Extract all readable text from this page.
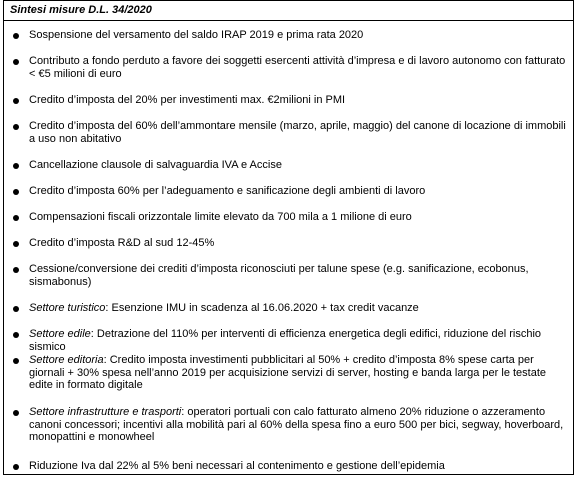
Sintesi misure D.L. 34/2020
Sospensione del versamento del saldo IRAP 2019 e prima rata 2020
Contributo a fondo perduto a favore dei soggetti esercenti attività d’impresa e di lavoro autonomo con fatturato < €5 milioni di euro
Credito d’imposta del 20% per investimenti max. €2milioni in PMI
Credito d’imposta del 60% dell’ammontare mensile (marzo, aprile, maggio) del canone di locazione di immobili a uso non abitativo
Cancellazione clausole di salvaguardia IVA e Accise
Credito d’imposta 60% per l’adeguamento e sanificazione degli ambienti di lavoro
Compensazioni fiscali orizzontale limite elevato da 700 mila a 1 milione di euro
Credito d’imposta R&D al sud 12-45%
Cessione/conversione dei crediti d’imposta riconosciuti per talune spese (e.g. sanificazione, ecobonus, sismabonus)
Settore turistico: Esenzione IMU in scadenza al 16.06.2020 + tax credit vacanze
Settore edile: Detrazione del 110% per interventi di efficienza energetica degli edifici, riduzione del rischio sismico
Settore editoria: Credito imposta investimenti pubblicitari al 50% + credito d’imposta 8% spese carta per giornali + 30% spesa nell’anno 2019 per acquisizione servizi di server, hosting e banda larga per le testate edite in formato digitale
Settore infrastrutture e trasporti: operatori portuali con calo fatturato almeno 20% riduzione o azzeramento canoni concessori; incentivi alla mobilità pari al 60% della spesa fino a euro 500 per bici, segway, hoverboard, monopattini e monowheel
Riduzione Iva dal 22% al 5% beni necessari al contenimento e gestione dell’epidemia
